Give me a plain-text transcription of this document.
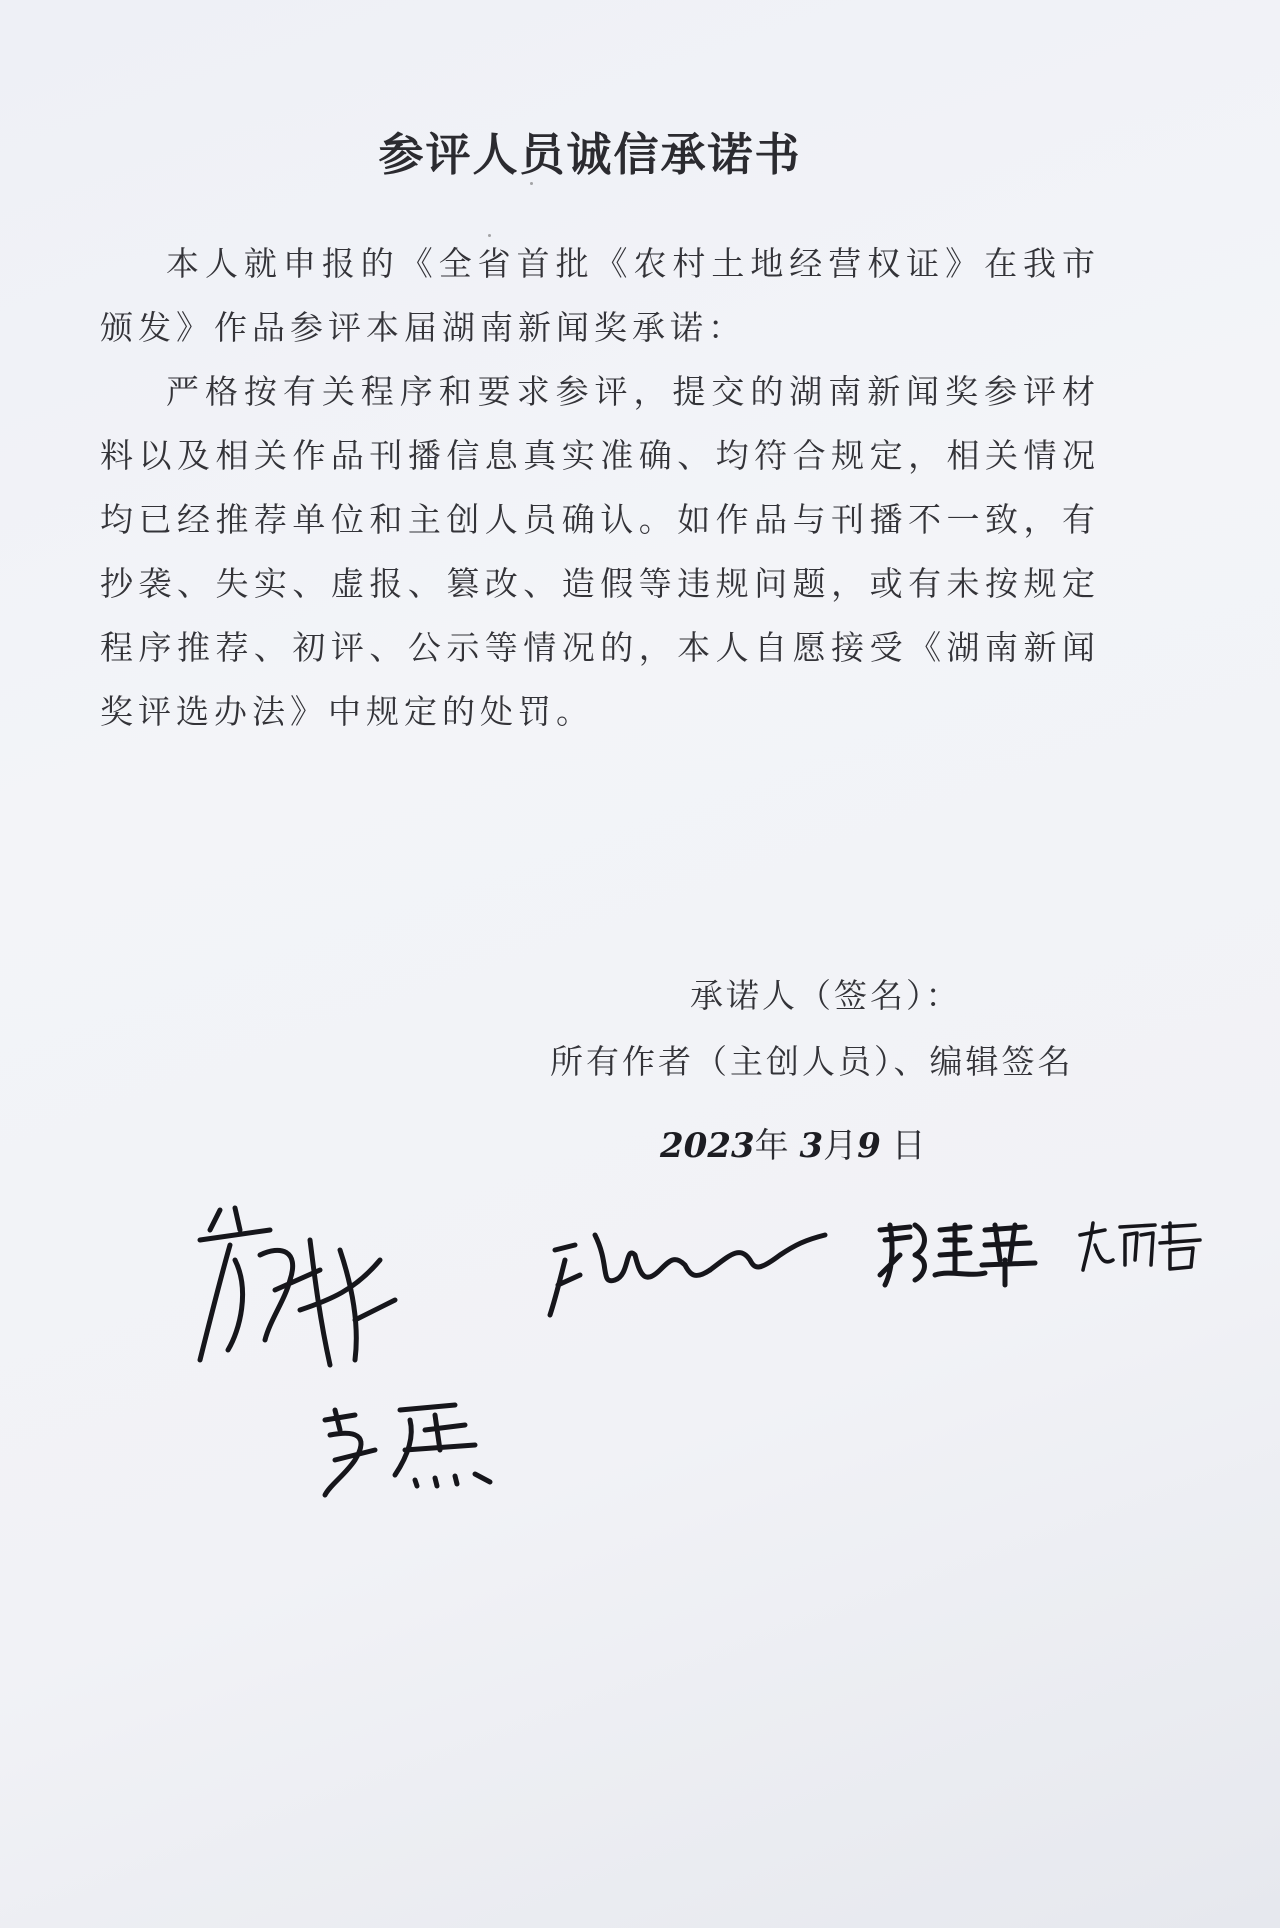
参评人员诚信承诺书

本人就申报的《全省首批《农村土地经营权证》在我市颁发》作品参评本届湖南新闻奖承诺：

严格按有关程序和要求参评，提交的湖南新闻奖参评材料以及相关作品刊播信息真实准确、均符合规定，相关情况均已经推荐单位和主创人员确认。如作品与刊播不一致，有抄袭、失实、虚报、篡改、造假等违规问题，或有未按规定程序推荐、初评、公示等情况的，本人自愿接受《湖南新闻奖评选办法》中规定的处罚。

承诺人（签名）：
所有作者（主创人员）、编辑签名
2023年 3月9 日
